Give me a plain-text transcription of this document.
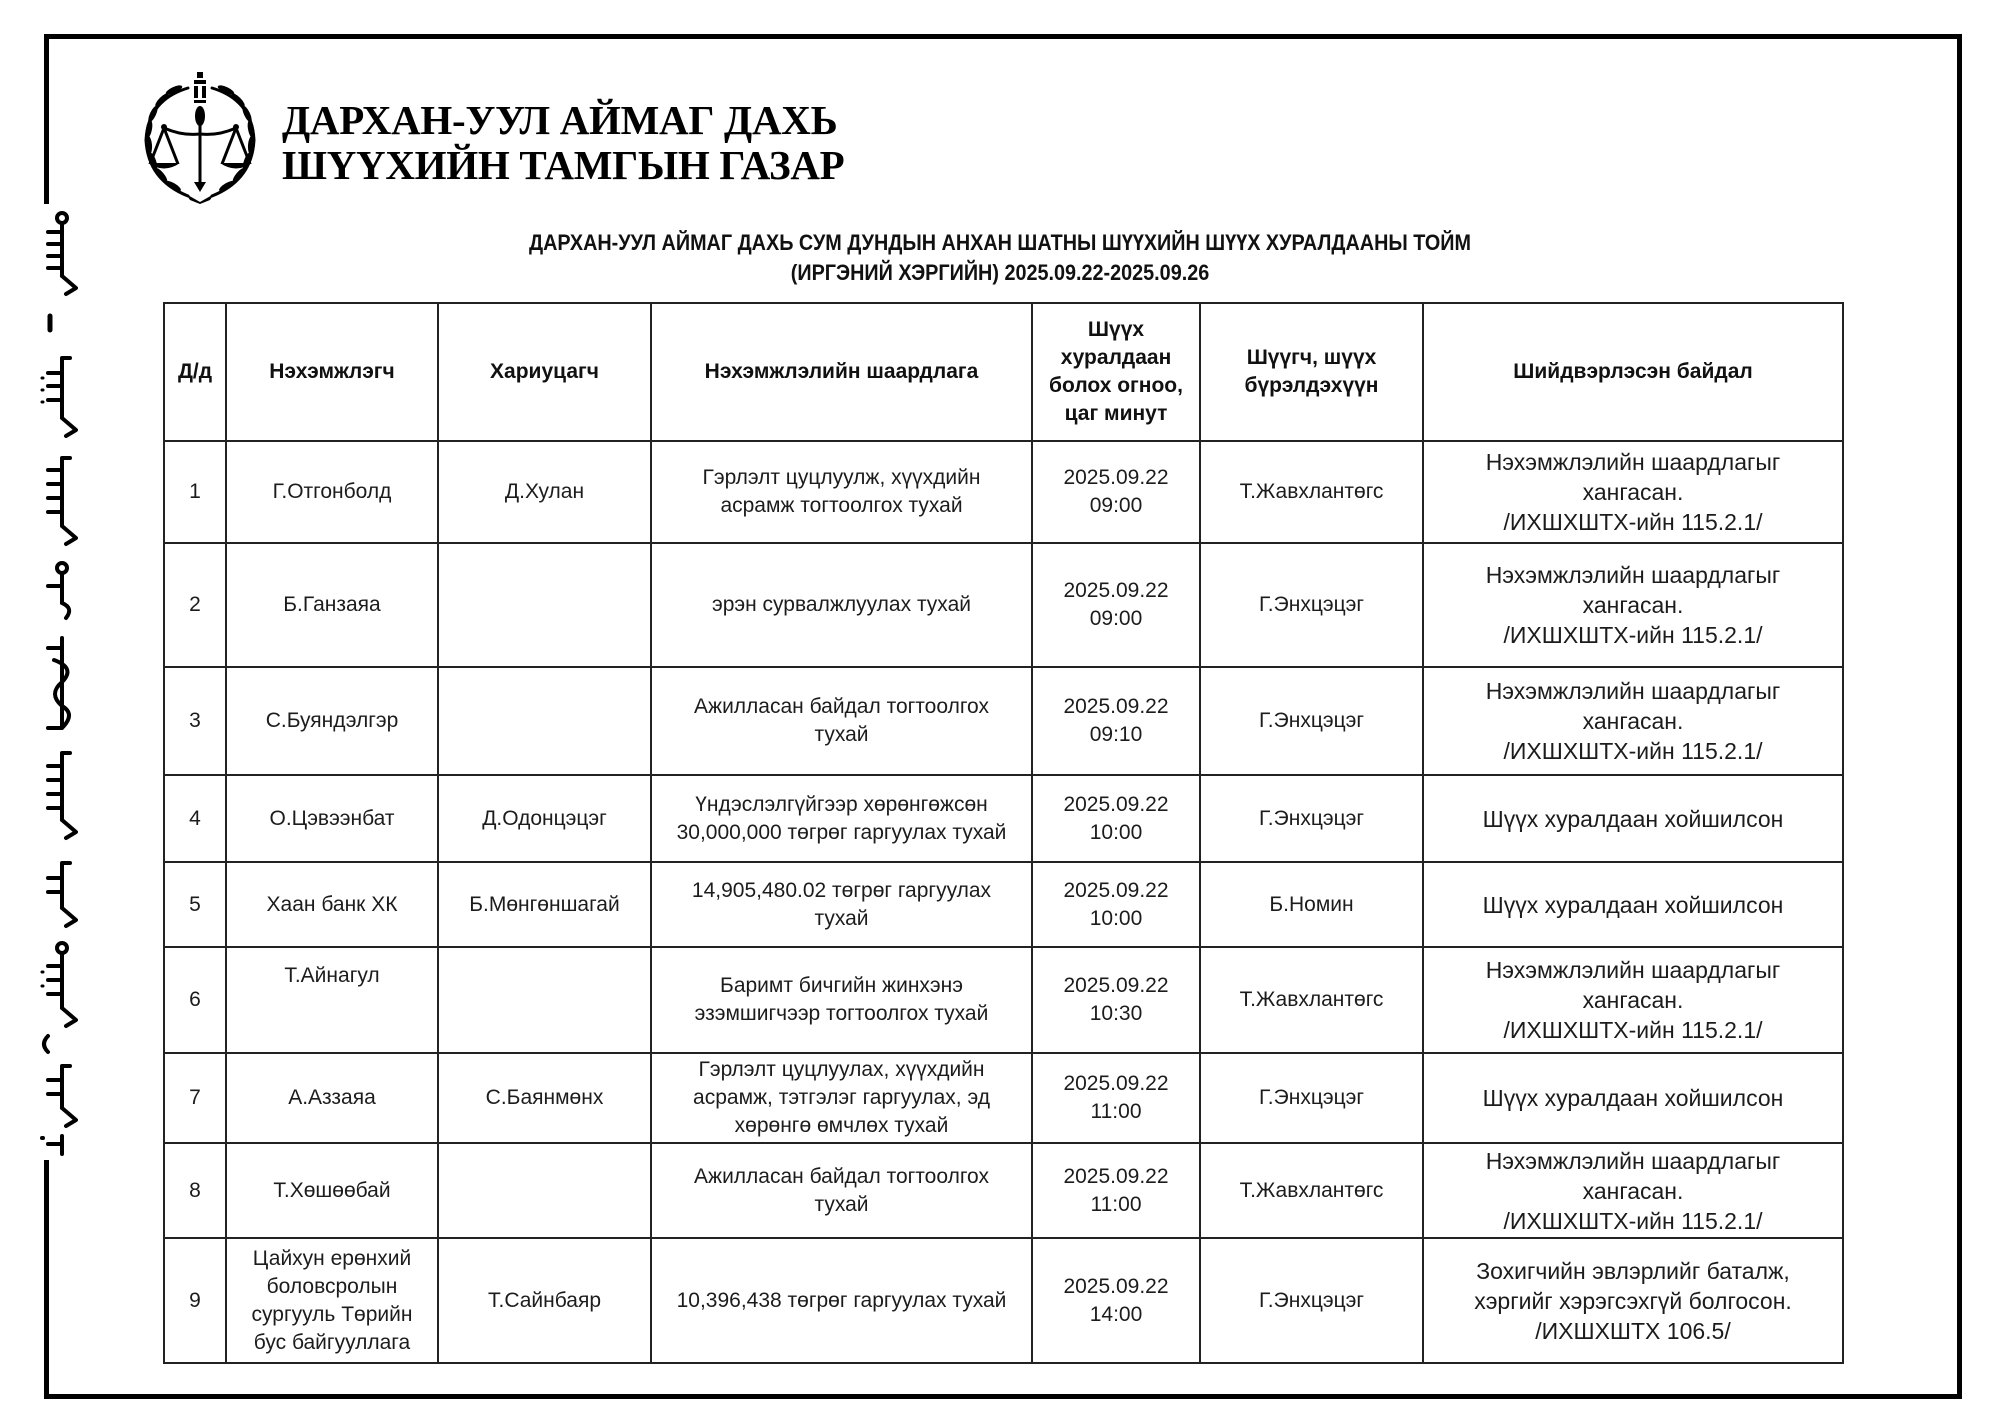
ДАРХАН-УУЛ АЙМАГ ДАХЬ
ШҮҮХИЙН ТАМГЫН ГАЗАР
ДАРХАН-УУЛ АЙМАГ ДАХЬ СУМ ДУНДЫН АНХАН ШАТНЫ ШҮҮХИЙН ШҮҮХ ХУРАЛДААНЫ ТОЙМ
(ИРГЭНИЙ ХЭРГИЙН) 2025.09.22-2025.09.26
Д/д	Нэхэмжлэгч	Хариуцагч	Нэхэмжлэлийн шаардлага	Шүүх
хуралдаан
болох огноо,
цаг минут	Шүүгч, шүүх
бүрэлдэхүүн	Шийдвэрлэсэн байдал
1	Г.Отгонболд	Д.Хулан	Гэрлэлт цуцлуулж, хүүхдийн
асрамж тогтоолгох тухай	2025.09.22
09:00	Т.Жавхлантөгс	Нэхэмжлэлийн шаардлагыг
хангасан.
/ИХШХШТХ-ийн 115.2.1/
2	Б.Ганзаяа		эрэн сурвалжлуулах тухай	2025.09.22
09:00	Г.Энхцэцэг	Нэхэмжлэлийн шаардлагыг
хангасан.
/ИХШХШТХ-ийн 115.2.1/
3	С.Буяндэлгэр		Ажилласан байдал тогтоолгох
тухай	2025.09.22
09:10	Г.Энхцэцэг	Нэхэмжлэлийн шаардлагыг
хангасан.
/ИХШХШТХ-ийн 115.2.1/
4	О.Цэвээнбат	Д.Одонцэцэг	Үндэслэлгүйгээр хөрөнгөжсөн
30,000,000 төгрөг гаргуулах тухай	2025.09.22
10:00	Г.Энхцэцэг	Шүүх хуралдаан хойшилсон
5	Хаан банк ХК	Б.Мөнгөншагай	14,905,480.02 төгрөг гаргуулах
тухай	2025.09.22
10:00	Б.Номин	Шүүх хуралдаан хойшилсон
6	Т.Айнагул		Баримт бичгийн жинхэнэ
эзэмшигчээр тогтоолгох тухай	2025.09.22
10:30	Т.Жавхлантөгс	Нэхэмжлэлийн шаардлагыг
хангасан.
/ИХШХШТХ-ийн 115.2.1/
7	А.Аззаяа	С.Баянмөнх	Гэрлэлт цуцлуулах, хүүхдийн
асрамж, тэтгэлэг гаргуулах, эд
хөрөнгө өмчлөх тухай	2025.09.22
11:00	Г.Энхцэцэг	Шүүх хуралдаан хойшилсон
8	Т.Хөшөөбай		Ажилласан байдал тогтоолгох
тухай	2025.09.22
11:00	Т.Жавхлантөгс	Нэхэмжлэлийн шаардлагыг
хангасан.
/ИХШХШТХ-ийн 115.2.1/
9	Цайхун ерөнхий
боловсролын
сургууль Төрийн
бус байгууллага	Т.Сайнбаяр	10,396,438 төгрөг гаргуулах тухай	2025.09.22
14:00	Г.Энхцэцэг	Зохигчийн эвлэрлийг баталж,
хэргийг хэрэгсэхгүй болгосон.
/ИХШХШТХ 106.5/
